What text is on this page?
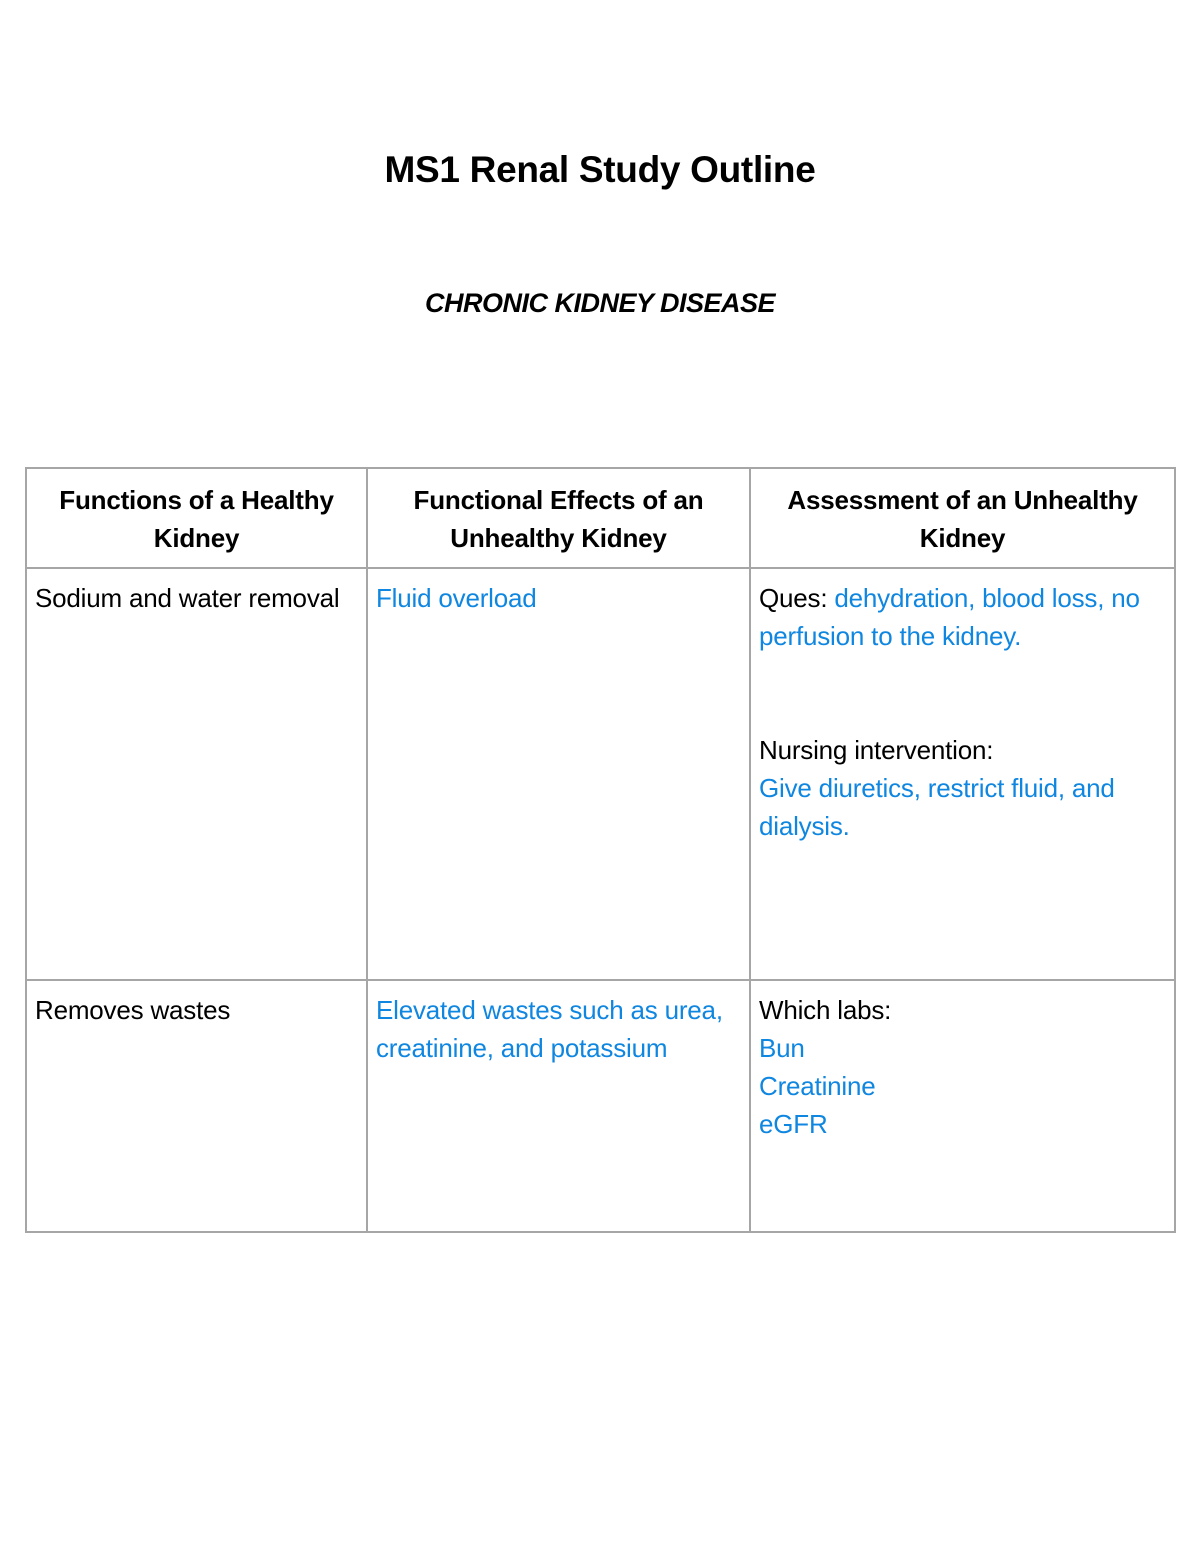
MS1 Renal Study Outline
CHRONIC KIDNEY DISEASE
Functions of a Healthy Kidney	Functional Effects of an Unhealthy Kidney	Assessment of an Unhealthy Kidney
Sodium and water removal	Fluid overload	Ques: dehydration, blood loss, no perfusion to the kidney.
Nursing intervention:
Give diuretics, restrict fluid, and dialysis.

Removes wastes	Elevated wastes such as urea, creatinine, and potassium	Which labs:
Bun
Creatinine
eGFR
